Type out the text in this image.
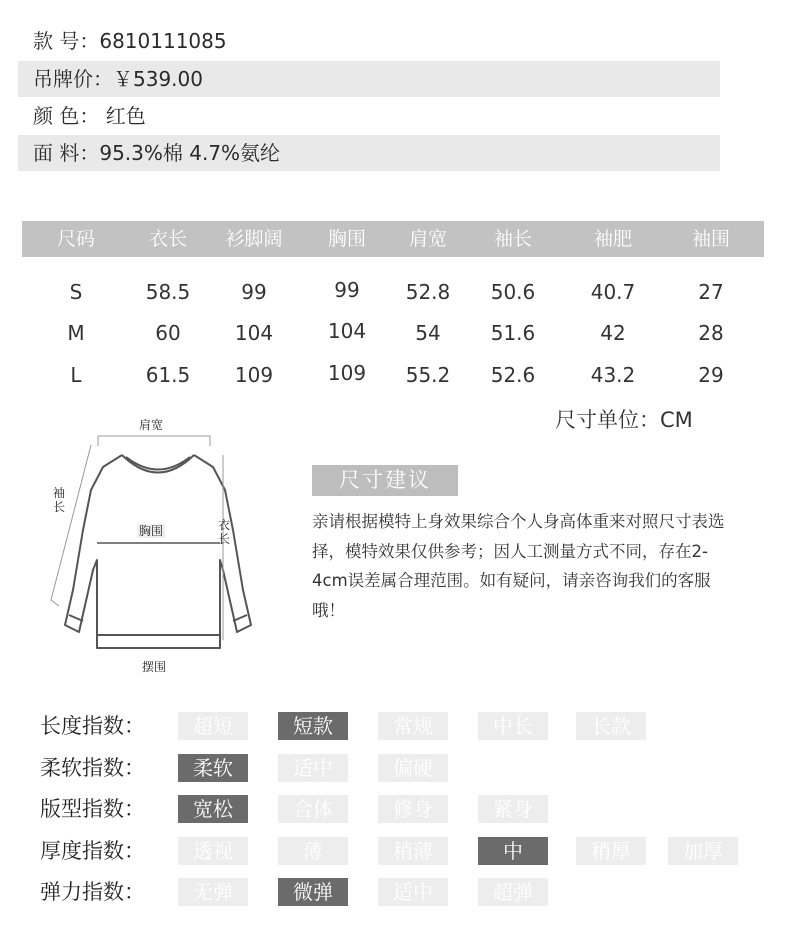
款 号：6810111085
吊牌价：￥539.00
颜 色： 红色
面 料：95.3%棉 4.7%氨纶
尺码	衣长 衫脚阔 胸围 肩宽 袖长	袖肥	袖围
S	58.5	99	99 52.8 50.6	40.7	27
M	60	104	104 54	51.6	42	28
L	61.5 109	109 55.2 52.6	43.2	29
尺寸单位：CM
肩宽
袖
长
胸围	衣
长
摆围
尺寸建议
亲请根据模特上身效果综合个人身高体重来对照尺寸表选择，模特效果仅供参考；因人工测量方式不同，存在2-4cm误差属合理范围。如有疑问，请亲咨询我们的客服哦！
长度指数：	超短	短款	常规	中长	长款
柔软指数：	柔软	适中	偏硬
版型指数：	宽松	合体	修身	紧身
厚度指数：	透视	薄	稍薄	中	稍厚	加厚
弹力指数：	无弹	微弹	适中	超弹
